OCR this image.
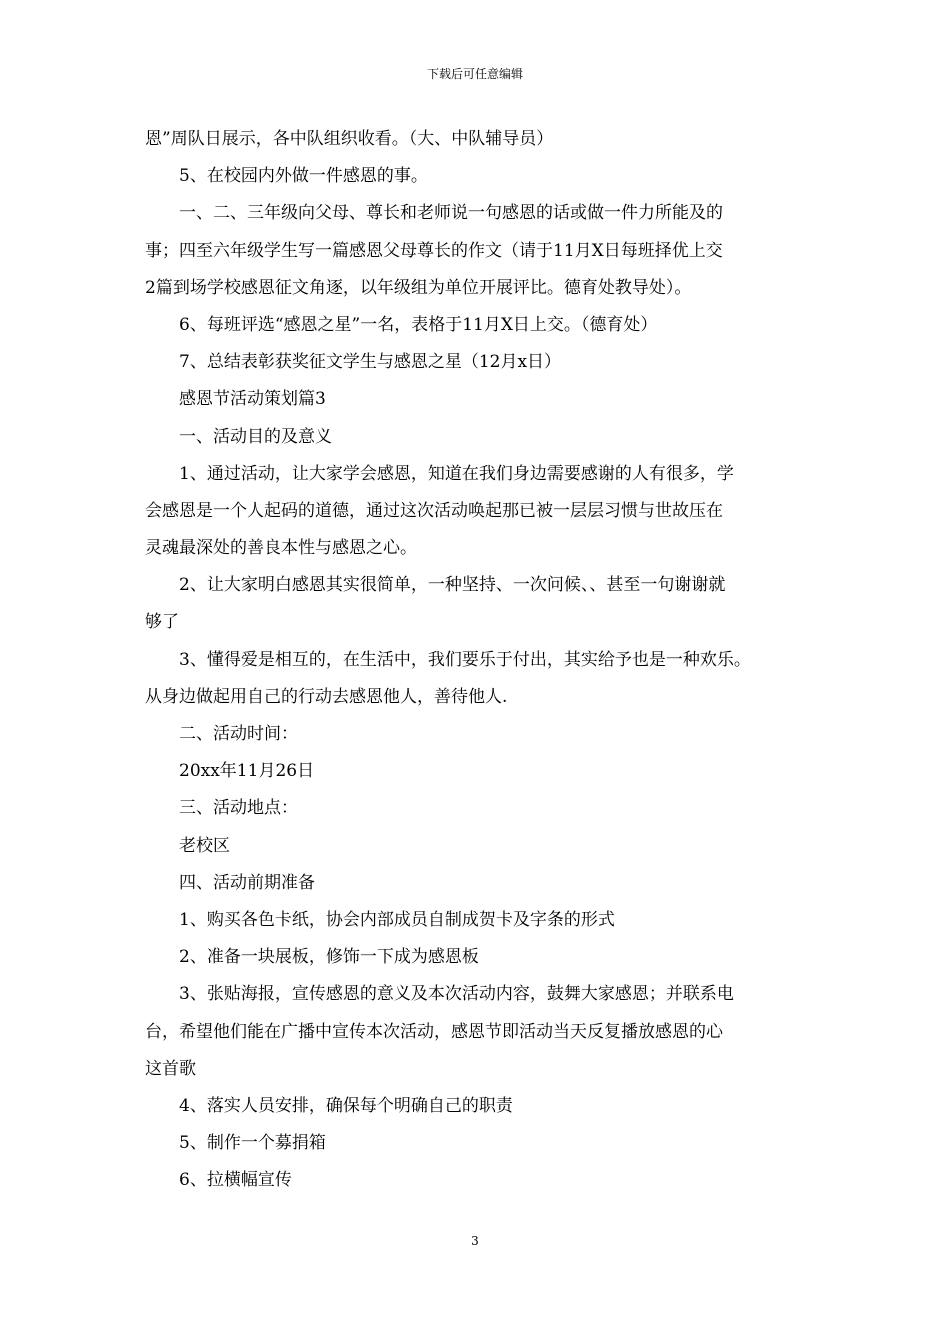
下载后可任意编辑
恩”周队日展示，各中队组织收看。（大、中队辅导员）
5、在校园内外做一件感恩的事。
一、二、三年级向父母、尊长和老师说一句感恩的话或做一件力所能及的
事；四至六年级学生写一篇感恩父母尊长的作文（请于11月X日每班择优上交
2篇到场学校感恩征文角逐，以年级组为单位开展评比。德育处教导处）。
6、每班评选“感恩之星”一名，表格于11月X日上交。（德育处）
7、总结表彰获奖征文学生与感恩之星（12月x日）
感恩节活动策划篇3
一、活动目的及意义
1、通过活动，让大家学会感恩，知道在我们身边需要感谢的人有很多，学
会感恩是一个人起码的道德，通过这次活动唤起那已被一层层习惯与世故压在
灵魂最深处的善良本性与感恩之心。
2、让大家明白感恩其实很简单，一种坚持、一次问候、、甚至一句谢谢就
够了
3、懂得爱是相互的，在生活中，我们要乐于付出，其实给予也是一种欢乐。
从身边做起用自己的行动去感恩他人，善待他人.
二、活动时间：
20xx年11月26日
三、活动地点：
老校区
四、活动前期准备
1、购买各色卡纸，协会内部成员自制成贺卡及字条的形式
2、准备一块展板，修饰一下成为感恩板
3、张贴海报，宣传感恩的意义及本次活动内容，鼓舞大家感恩；并联系电
台，希望他们能在广播中宣传本次活动，感恩节即活动当天反复播放感恩的心
这首歌
4、落实人员安排，确保每个明确自己的职责
5、制作一个募捐箱
6、拉横幅宣传
3
